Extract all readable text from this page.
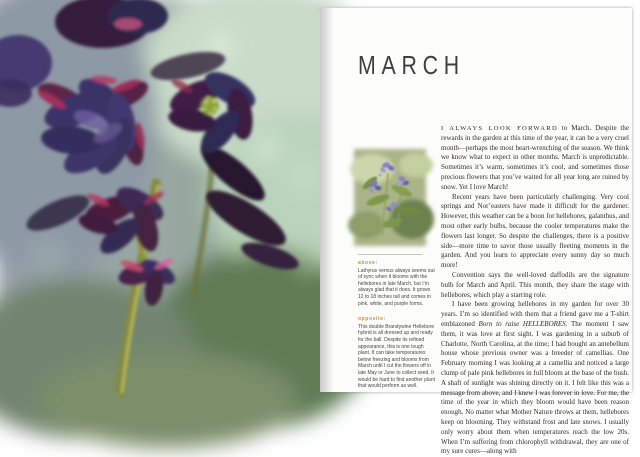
MARCH

above:
Lathyrus vernus always seems out of sync when it blooms with the hellebores in late March, but I’m always glad that it does. It grows 12 to 18 inches tall and comes in pink, white, and purple forms.

opposite:
This double Brandywine Hellebore hybrid is all dressed up and ready for the ball. Despite its refined appearance, this is one tough plant. It can take temperatures below freezing and blooms from March until I cut the flowers off in late May or June to collect seed. It would be hard to find another plant that would perform as well.

I ALWAYS LOOK FORWARD to March. Despite the rewards in the garden at this time of the year, it can be a very cruel month—perhaps the most heart-wrenching of the season. We think we know what to expect in other months. March is unpredictable. Sometimes it’s warm, sometimes it’s cool, and sometimes those precious flowers that you’ve waited for all year long are ruined by snow. Yet I love March!

Recent years have been particularly challenging. Very cool springs and Nor’easters have made it difficult for the gardener. However, this weather can be a boon for hellebores, galanthus, and most other early bulbs, because the cooler temperatures make the flowers last longer. So despite the challenges, there is a positive side—more time to savor those usually fleeting moments in the garden. And you learn to appreciate every sunny day so much more!

Convention says the well-loved daffodils are the signature bulb for March and April. This month, they share the stage with hellebores, which play a starring role.

I have been growing hellebores in my garden for over 30 years. I’m so identified with them that a friend gave me a T-shirt emblazoned Born to raise HELLEBORES. The moment I saw them, it was love at first sight. I was gardening in a suburb of Charlotte, North Carolina, at the time; I had bought an antebellum house whose previous owner was a breeder of camellias. One February morning I was looking at a camellia and noticed a large clump of pale pink hellebores in full bloom at the base of the bush. A shaft of sunlight was shining directly on it. I felt like this was a message from above, and I knew I was forever in love. For me, the time of the year in which they bloom would have been reason enough. No matter what Mother Nature throws at them, hellebores keep on blooming. They withstand frost and late snows. I usually only worry about them when temperatures reach the low 20s. When I’m suffering from chlorophyll withdrawal, they are one of my sure cures—along with
